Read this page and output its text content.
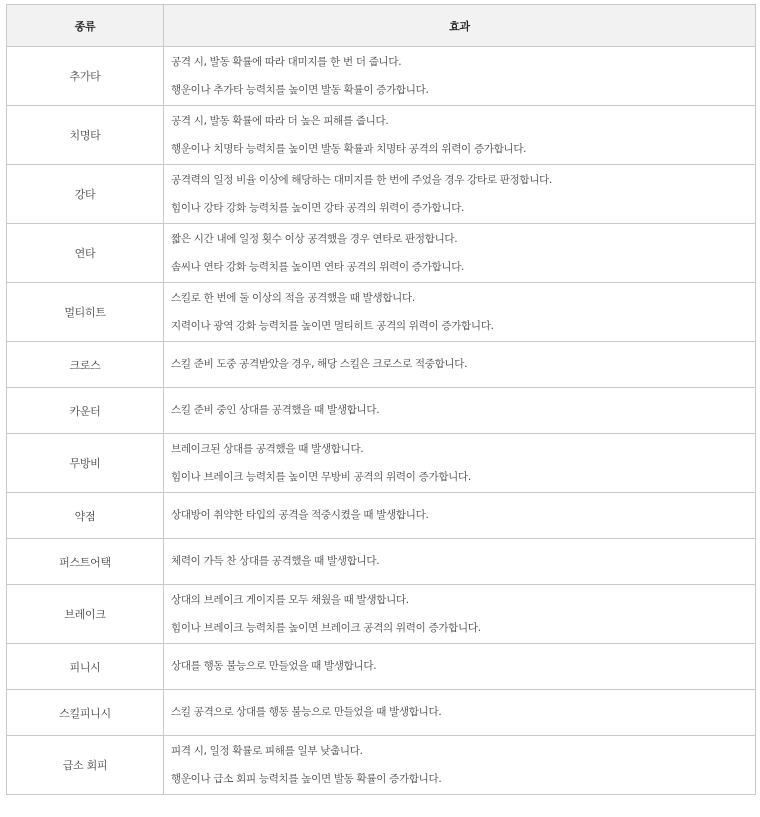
종류	효과
추가타	공격 시, 발동 확률에 따라 대미지를 한 번 더 줍니다.
행운이나 추가타 능력치를 높이면 발동 확률이 증가합니다.

치명타	공격 시, 발동 확률에 따라 더 높은 피해를 줍니다.
행운이나 치명타 능력치를 높이면 발동 확률과 치명타 공격의 위력이 증가합니다.

강타	공격력의 일정 비율 이상에 해당하는 대미지를 한 번에 주었을 경우 강타로 판정합니다.
힘이나 강타 강화 능력치를 높이면 강타 공격의 위력이 증가합니다.

연타	짧은 시간 내에 일정 횟수 이상 공격했을 경우 연타로 판정합니다.
솜씨나 연타 강화 능력치를 높이면 연타 공격의 위력이 증가합니다.

멀티히트	스킬로 한 번에 둘 이상의 적을 공격했을 때 발생합니다.
지력이나 광역 강화 능력치를 높이면 멀티히트 공격의 위력이 증가합니다.

크로스	스킬 준비 도중 공격받았을 경우, 해당 스킬은 크로스로 적중합니다.

카운터	스킬 준비 중인 상대를 공격했을 때 발생합니다.

무방비	브레이크된 상대를 공격했을 때 발생합니다.
힘이나 브레이크 능력치를 높이면 무방비 공격의 위력이 증가합니다.

약점	상대방이 취약한 타입의 공격을 적중시켰을 때 발생합니다.

퍼스트어택	체력이 가득 찬 상대를 공격했을 때 발생합니다.

브레이크	상대의 브레이크 게이지를 모두 채웠을 때 발생합니다.
힘이나 브레이크 능력치를 높이면 브레이크 공격의 위력이 증가합니다.

피니시	상대를 행동 불능으로 만들었을 때 발생합니다.

스킬피니시	스킬 공격으로 상대를 행동 불능으로 만들었을 때 발생합니다.

급소 회피	피격 시, 일정 확률로 피해를 일부 낮춥니다.
행운이나 급소 회피 능력치를 높이면 발동 확률이 증가합니다.
